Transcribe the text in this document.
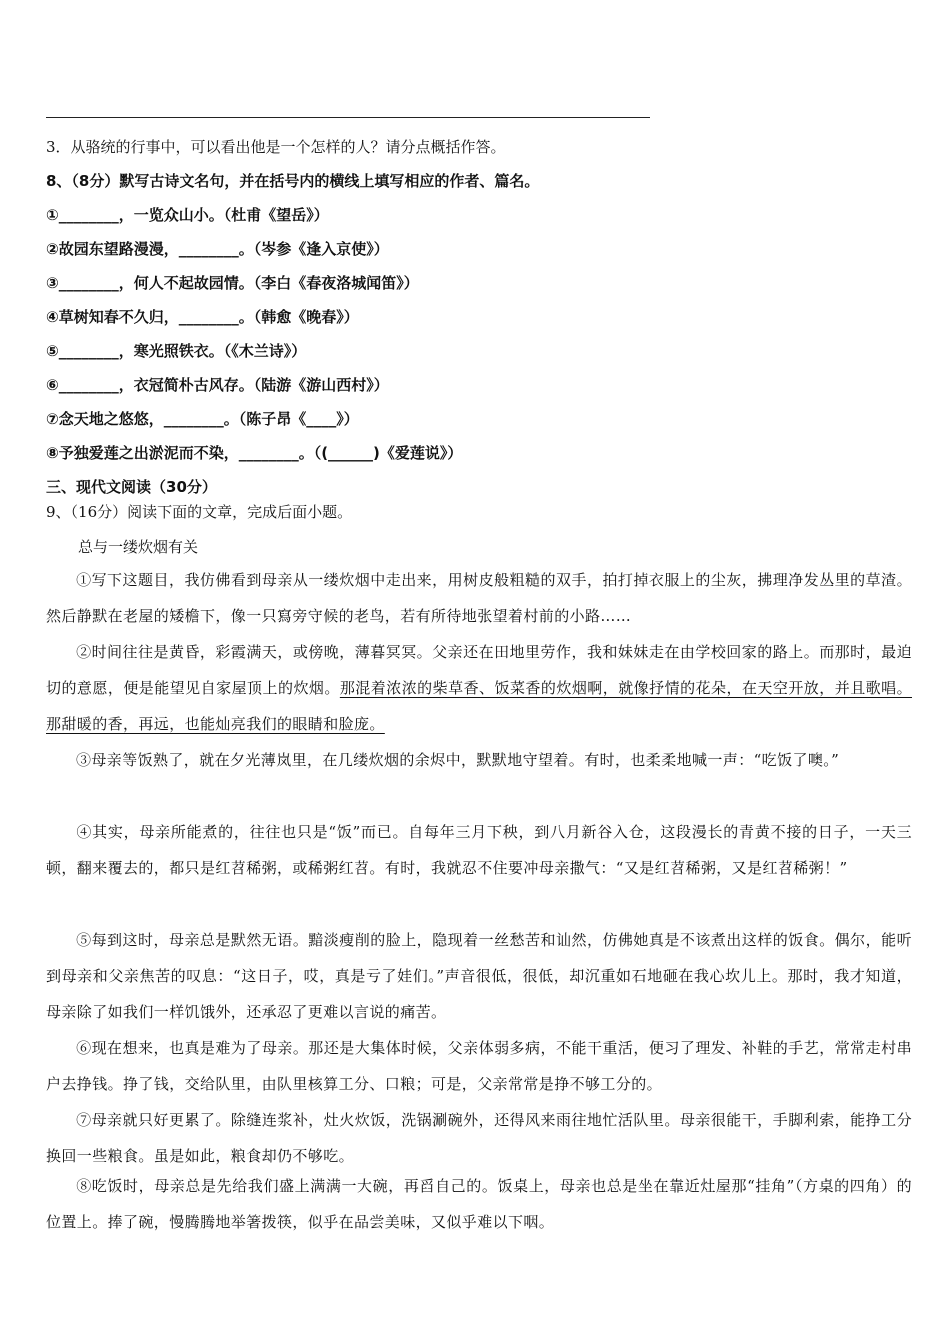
3．从骆统的行事中，可以看出他是一个怎样的人？请分点概括作答。
8、（8分）默写古诗文名句，并在括号内的横线上填写相应的作者、篇名。
①________，一览众山小。（杜甫《望岳》）
②故园东望路漫漫，________。（岑参《逢入京使》）
③________，何人不起故园情。（李白《春夜洛城闻笛》）
④草树知春不久归，________。（韩愈《晚春》）
⑤________，寒光照铁衣。（《木兰诗》）
⑥________，衣冠简朴古风存。（陆游《游山西村》）
⑦念天地之悠悠，________。（陈子昂《____》）
⑧予独爱莲之出淤泥而不染，________。（(______)《爱莲说》）
三、现代文阅读（30分）
9、（16分）阅读下面的文章，完成后面小题。
总与一缕炊烟有关
①写下这题目，我仿佛看到母亲从一缕炊烟中走出来，用树皮般粗糙的双手，拍打掉衣服上的尘灰，拂理净发丛里的草渣。然后静默在老屋的矮檐下，像一只寫旁守候的老鸟，若有所待地张望着村前的小路……
②时间往往是黄昏，彩霞满天，或傍晚，薄暮冥冥。父亲还在田地里劳作，我和妹妹走在由学校回家的路上。而那时，最迫切的意愿，便是能望见自家屋顶上的炊烟。那混着浓浓的柴草香、饭菜香的炊烟啊，就像抒情的花朵，在天空开放，并且歌唱。那甜暖的香，再远，也能灿亮我们的眼睛和脸庞。
③母亲等饭熟了，就在夕光薄岚里，在几缕炊烟的余烬中，默默地守望着。有时，也柔柔地喊一声：“吃饭了噢。”
④其实，母亲所能煮的，往往也只是“饭”而已。自每年三月下秧，到八月新谷入仓，这段漫长的青黄不接的日子，一天三顿，翻来覆去的，都只是红苕稀粥，或稀粥红苕。有时，我就忍不住要冲母亲撒气：“又是红苕稀粥，又是红苕稀粥！”
⑤每到这时，母亲总是默然无语。黯淡瘦削的脸上，隐现着一丝愁苦和讪然，仿佛她真是不该煮出这样的饭食。偶尔，能听到母亲和父亲焦苦的叹息：“这日子，哎，真是亏了娃们。”声音很低，很低，却沉重如石地砸在我心坎儿上。那时，我才知道，母亲除了如我们一样饥饿外，还承忍了更难以言说的痛苦。
⑥现在想来，也真是难为了母亲。那还是大集体时候，父亲体弱多病，不能干重活，便习了理发、补鞋的手艺，常常走村串户去挣钱。挣了钱，交给队里，由队里核算工分、口粮；可是，父亲常常是挣不够工分的。
⑦母亲就只好更累了。除缝连浆补，灶火炊饭，洗锅涮碗外，还得风来雨往地忙活队里。母亲很能干，手脚利索，能挣工分换回一些粮食。虽是如此，粮食却仍不够吃。
⑧吃饭时，母亲总是先给我们盛上满满一大碗，再舀自己的。饭桌上，母亲也总是坐在靠近灶屋那“挂角”（方桌的四角）的位置上。捧了碗，慢腾腾地举箸拨筷，似乎在品尝美味，又似乎难以下咽。
